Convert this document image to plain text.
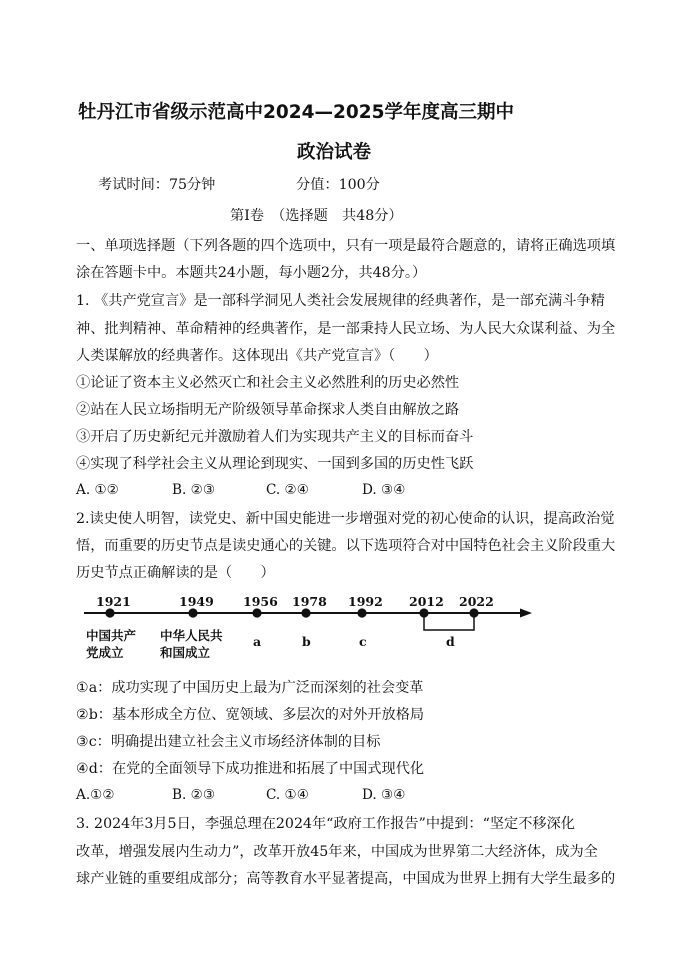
牡丹江市省级示范高中2024—2025学年度高三期中
政治试卷
考试时间：75分钟	分值：100分
第Ⅰ卷　（选择题　共48分）
一、单项选择题（下列各题的四个选项中，只有一项是最符合题意的，请将正确选项填
涂在答题卡中。本题共24小题，每小题2分，共48分。）
1. 《共产党宣言》是一部科学洞见人类社会发展规律的经典著作，是一部充满斗争精
神、批判精神、革命精神的经典著作，是一部秉持人民立场、为人民大众谋利益、为全
人类谋解放的经典著作。这体现出《共产党宣言》（　　）
①论证了资本主义必然灭亡和社会主义必然胜利的历史必然性
②站在人民立场指明无产阶级领导革命探求人类自由解放之路
③开启了历史新纪元并激励着人们为实现共产主义的目标而奋斗
④实现了科学社会主义从理论到现实、一国到多国的历史性飞跃
A. ①②	B. ②③	C. ②④	D. ③④
2.读史使人明智，读党史、新中国史能进一步增强对党的初心使命的认识，提高政治觉
悟，而重要的历史节点是读史通心的关键。以下选项符合对中国特色社会主义阶段重大
历史节点正确解读的是（　　）
1921	1949 1956 1978 1992 2012 2022
中国共产
党成立
中华人民共
和国成立
a	b	c	d
①a：成功实现了中国历史上最为广泛而深刻的社会变革
②b：基本形成全方位、宽领域、多层次的对外开放格局
③c：明确提出建立社会主义市场经济体制的目标
④d：在党的全面领导下成功推进和拓展了中国式现代化
A.①②	B. ②③	C. ①④	D. ③④
3. 2024年3月5日，李强总理在2024年“政府工作报告”中提到：“坚定不移深化
改革，增强发展内生动力”，改革开放45年来，中国成为世界第二大经济体，成为全
球产业链的重要组成部分；高等教育水平显著提高，中国成为世界上拥有大学生最多的
